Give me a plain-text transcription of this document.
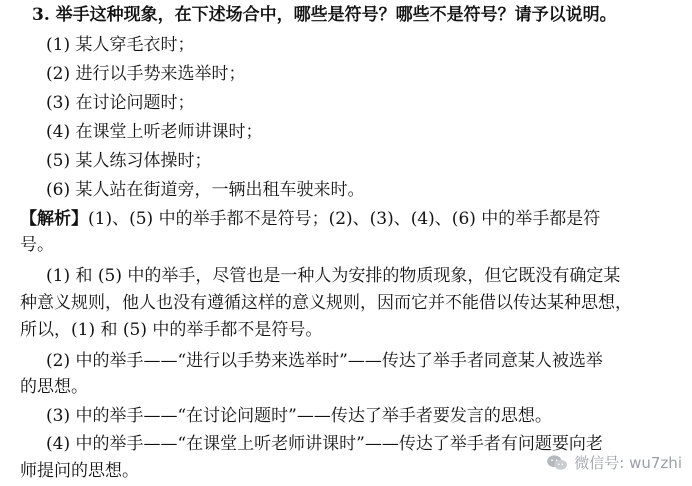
3. 举手这种现象，在下述场合中，哪些是符号？哪些不是符号？请予以说明。
(1) 某人穿毛衣时；
(2) 进行以手势来选举时；
(3) 在讨论问题时；
(4) 在课堂上听老师讲课时；
(5) 某人练习体操时；
(6) 某人站在街道旁，一辆出租车驶来时。
【解析】(1)、(5) 中的举手都不是符号；(2)、(3)、(4)、(6) 中的举手都是符
号。
(1) 和 (5) 中的举手，尽管也是一种人为安排的物质现象，但它既没有确定某
种意义规则，他人也没有遵循这样的意义规则，因而它并不能借以传达某种思想，
所以，(1) 和 (5) 中的举手都不是符号。
(2) 中的举手——“进行以手势来选举时”——传达了举手者同意某人被选举
的思想。
(3) 中的举手——“在讨论问题时”——传达了举手者要发言的思想。
(4) 中的举手——“在课堂上听老师讲课时”——传达了举手者有问题要向老
师提问的思想。	微信号: wu7zhi
